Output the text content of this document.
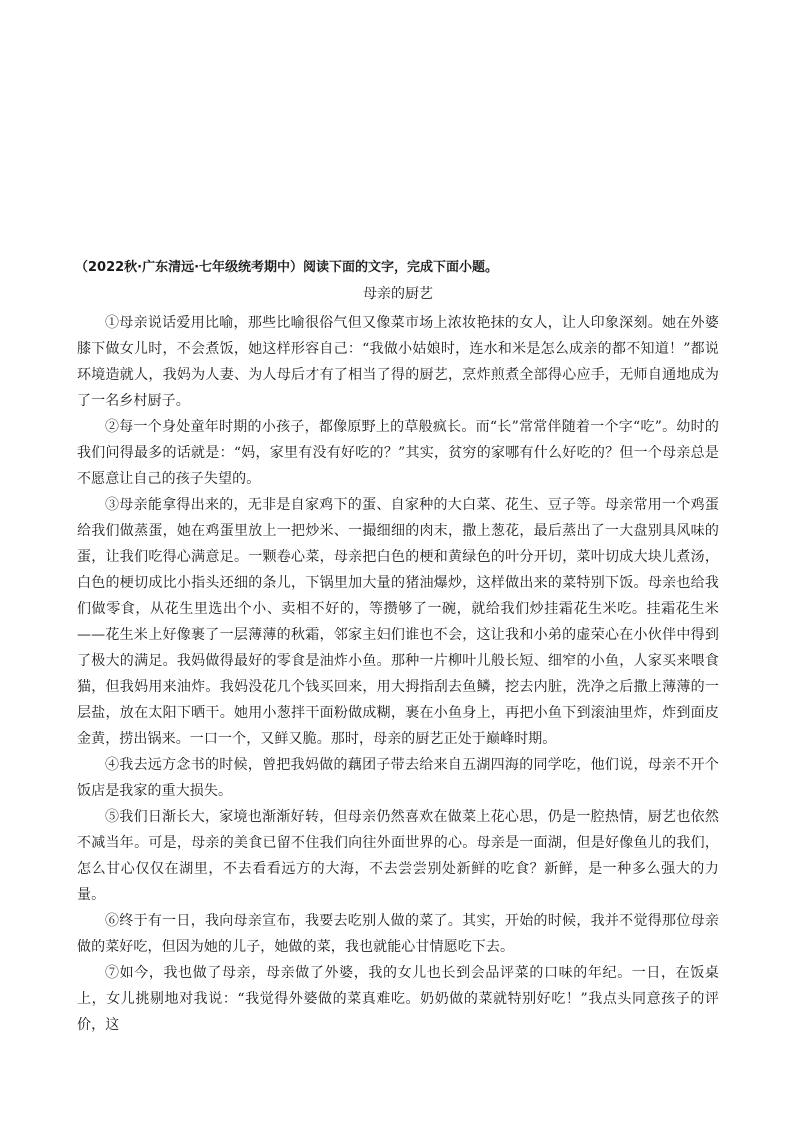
（2022秋·广东清远·七年级统考期中）阅读下面的文字，完成下面小题。
母亲的厨艺

①母亲说话爱用比喻，那些比喻很俗气但又像菜市场上浓妆艳抹的女人，让人印象深刻。她在外婆膝下做女儿时，不会煮饭，她这样形容自己：“我做小姑娘时，连水和米是怎么成亲的都不知道！”都说环境造就人，我妈为人妻、为人母后才有了相当了得的厨艺，烹炸煎煮全部得心应手，无师自通地成为了一名乡村厨子。

②每一个身处童年时期的小孩子，都像原野上的草般疯长。而“长”常常伴随着一个字“吃”。幼时的我们问得最多的话就是：“妈，家里有没有好吃的？”其实，贫穷的家哪有什么好吃的？但一个母亲总是不愿意让自己的孩子失望的。

③母亲能拿得出来的，无非是自家鸡下的蛋、自家种的大白菜、花生、豆子等。母亲常用一个鸡蛋给我们做蒸蛋，她在鸡蛋里放上一把炒米、一撮细细的肉末，撒上葱花，最后蒸出了一大盘别具风味的蛋，让我们吃得心满意足。一颗卷心菜，母亲把白色的梗和黄绿色的叶分开切，菜叶切成大块儿煮汤，白色的梗切成比小指头还细的条儿，下锅里加大量的猪油爆炒，这样做出来的菜特别下饭。母亲也给我们做零食，从花生里选出个小、卖相不好的，等攒够了一碗，就给我们炒挂霜花生米吃。挂霜花生米——花生米上好像裹了一层薄薄的秋霜，邻家主妇们谁也不会，这让我和小弟的虚荣心在小伙伴中得到了极大的满足。我妈做得最好的零食是油炸小鱼。那种一片柳叶儿般长短、细窄的小鱼，人家买来喂食猫，但我妈用来油炸。我妈没花几个钱买回来，用大拇指刮去鱼鳞，挖去内脏，洗净之后撒上薄薄的一层盐，放在太阳下晒干。她用小葱拌干面粉做成糊，裹在小鱼身上，再把小鱼下到滚油里炸，炸到面皮金黄，捞出锅来。一口一个，又鲜又脆。那时，母亲的厨艺正处于巅峰时期。

④我去远方念书的时候，曾把我妈做的藕团子带去给来自五湖四海的同学吃，他们说，母亲不开个饭店是我家的重大损失。

⑤我们日渐长大，家境也渐渐好转，但母亲仍然喜欢在做菜上花心思，仍是一腔热情，厨艺也依然不减当年。可是，母亲的美食已留不住我们向往外面世界的心。母亲是一面湖，但是好像鱼儿的我们，怎么甘心仅仅在湖里，不去看看远方的大海，不去尝尝别处新鲜的吃食？新鲜，是一种多么强大的力量。

⑥终于有一日，我向母亲宣布，我要去吃别人做的菜了。其实，开始的时候，我并不觉得那位母亲做的菜好吃，但因为她的儿子，她做的菜，我也就能心甘情愿吃下去。

⑦如今，我也做了母亲，母亲做了外婆，我的女儿也长到会品评菜的口味的年纪。一日，在饭桌上，女儿挑剔地对我说：“我觉得外婆做的菜真难吃。奶奶做的菜就特别好吃！”我点头同意孩子的评价，这
